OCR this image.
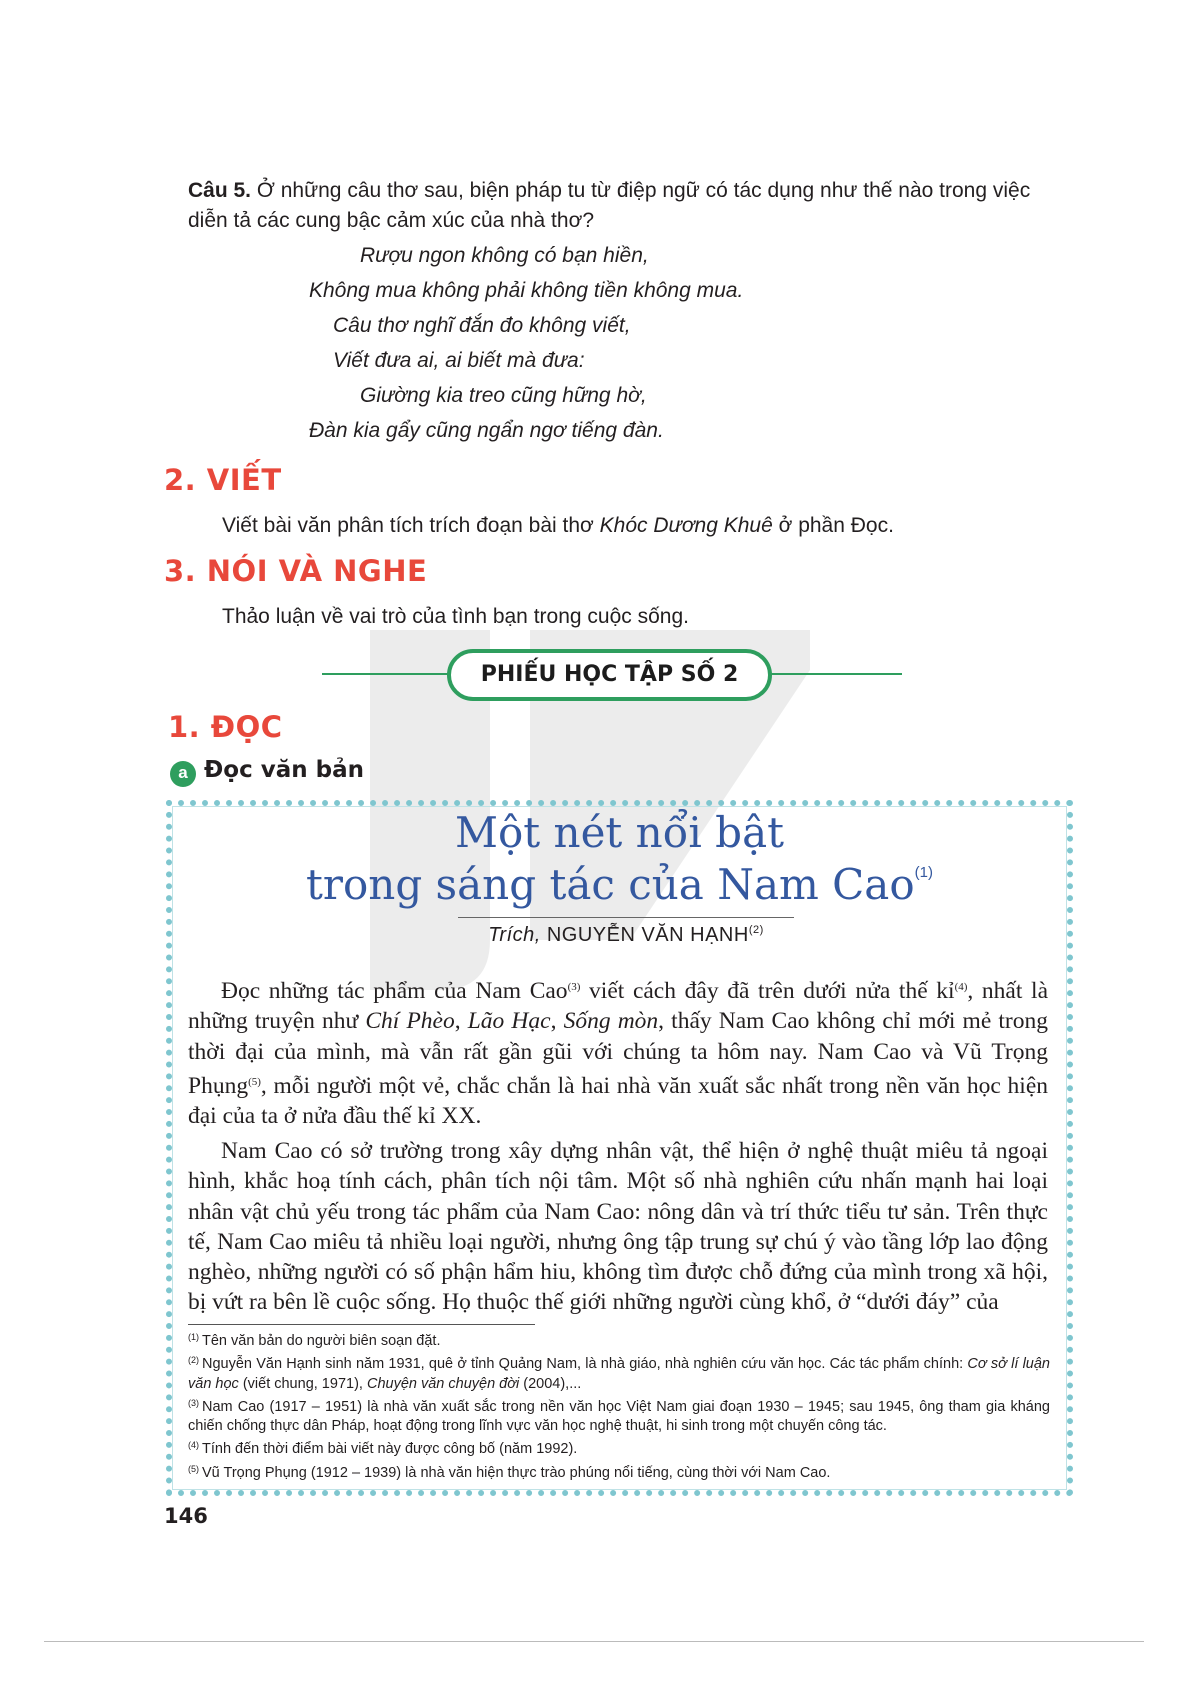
Câu 5. Ở những câu thơ sau, biện pháp tu từ điệp ngữ có tác dụng như thế nào trong việc diễn tả các cung bậc cảm xúc của nhà thơ?
Rượu ngon không có bạn hiền,
Không mua không phải không tiền không mua.
Câu thơ nghĩ đắn đo không viết,
Viết đưa ai, ai biết mà đưa:
Giường kia treo cũng hững hờ,
Đàn kia gẩy cũng ngẩn ngơ tiếng đàn.
2. VIẾT
Viết bài văn phân tích trích đoạn bài thơ Khóc Dương Khuê ở phần Đọc.
3. NÓI VÀ NGHE
Thảo luận về vai trò của tình bạn trong cuộc sống.
PHIẾU HỌC TẬP SỐ 2
1. ĐỌC
a Đọc văn bản
Một nét nổi bật
trong sáng tác của Nam Cao$^{(1)}$
Trích, NGUYỄN VĂN HẠNH$^{(2)}$
Đọc những tác phẩm của Nam Cao$^{(3)}$ viết cách đây đã trên dưới nửa thế kỉ$^{(4)}$, nhất là những truyện như Chí Phèo, Lão Hạc, Sống mòn, thấy Nam Cao không chỉ mới mẻ trong thời đại của mình, mà vẫn rất gần gũi với chúng ta hôm nay. Nam Cao và Vũ Trọng Phụng$^{(5)}$, mỗi người một vẻ, chắc chắn là hai nhà văn xuất sắc nhất trong nền văn học hiện đại của ta ở nửa đầu thế kỉ XX.
Nam Cao có sở trường trong xây dựng nhân vật, thể hiện ở nghệ thuật miêu tả ngoại hình, khắc hoạ tính cách, phân tích nội tâm. Một số nhà nghiên cứu nhấn mạnh hai loại nhân vật chủ yếu trong tác phẩm của Nam Cao: nông dân và trí thức tiểu tư sản. Trên thực tế, Nam Cao miêu tả nhiều loại người, nhưng ông tập trung sự chú ý vào tầng lớp lao động nghèo, những người có số phận hẩm hiu, không tìm được chỗ đứng của mình trong xã hội, bị vứt ra bên lề cuộc sống. Họ thuộc thế giới những người cùng khổ, ở “dưới đáy” của

$^{(1)}$ Tên văn bản do người biên soạn đặt.

$^{(2)}$ Nguyễn Văn Hạnh sinh năm 1931, quê ở tỉnh Quảng Nam, là nhà giáo, nhà nghiên cứu văn học. Các tác phẩm chính: Cơ sở lí luận văn học (viết chung, 1971), Chuyện văn chuyện đời (2004),...

$^{(3)}$ Nam Cao (1917 – 1951) là nhà văn xuất sắc trong nền văn học Việt Nam giai đoạn 1930 – 1945; sau 1945, ông tham gia kháng chiến chống thực dân Pháp, hoạt động trong lĩnh vực văn học nghệ thuật, hi sinh trong một chuyến công tác.

$^{(4)}$ Tính đến thời điểm bài viết này được công bố (năm 1992).

$^{(5)}$ Vũ Trọng Phụng (1912 – 1939) là nhà văn hiện thực trào phúng nổi tiếng, cùng thời với Nam Cao.

146
